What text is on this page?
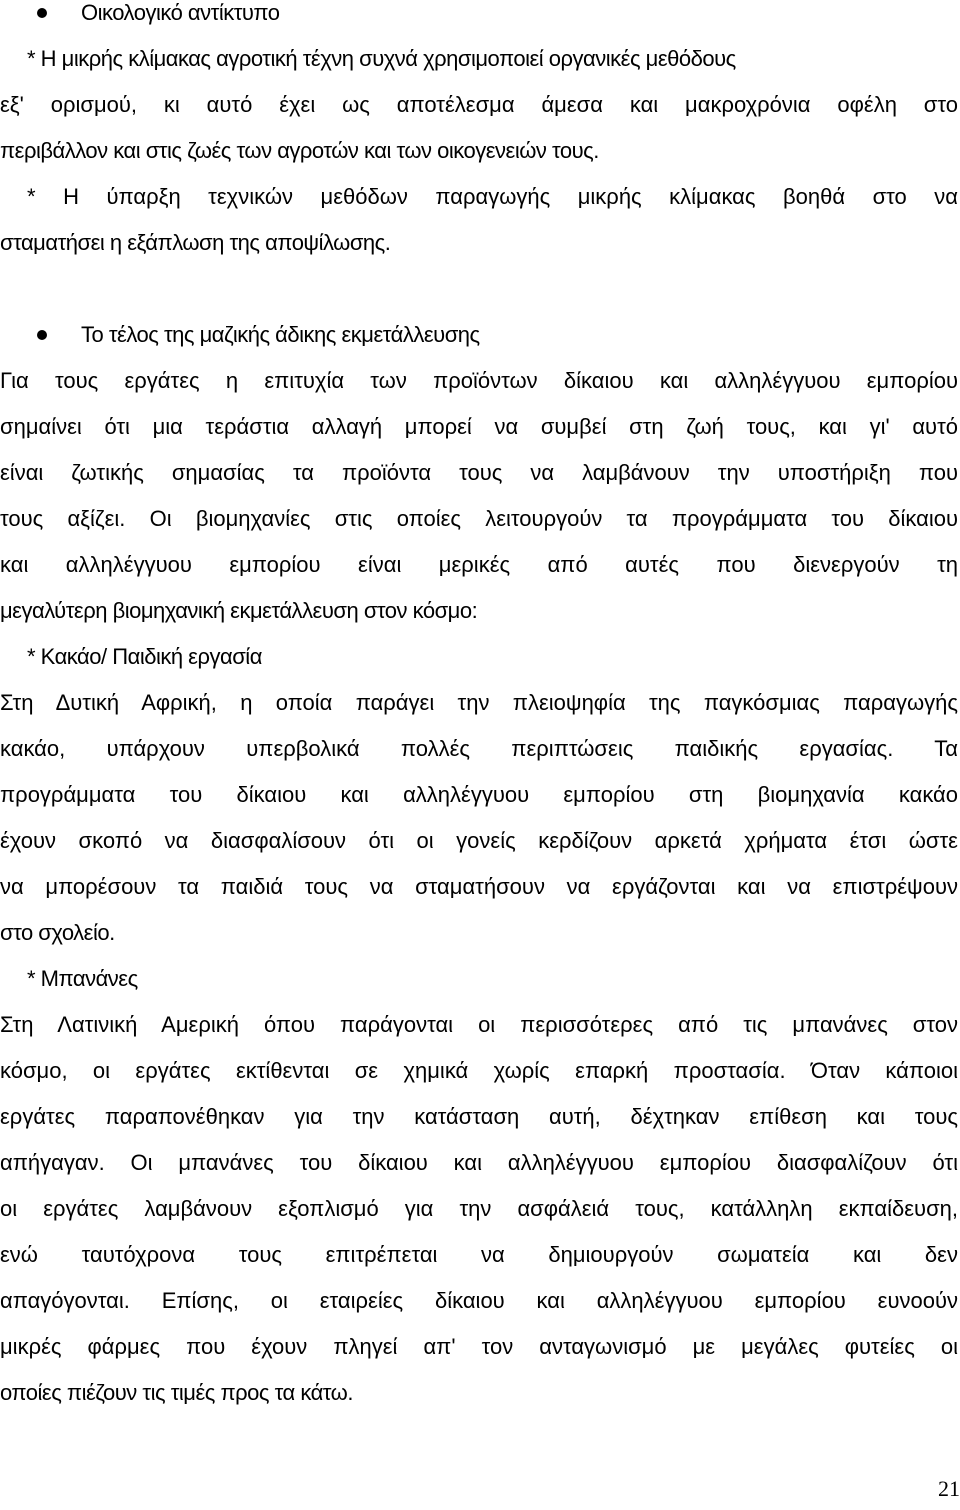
Οικολογικό αντίκτυπο
* Η μικρής κλίμακας αγροτική τέχνη συχνά χρησιμοποιεί οργανικές μεθόδους
εξ' ορισμού, κι αυτό έχει ως αποτέλεσμα άμεσα και μακροχρόνια οφέλη στο
περιβάλλον και στις ζωές των αγροτών και των οικογενειών τους.
* Η ύπαρξη τεχνικών μεθόδων παραγωγής μικρής κλίμακας βοηθά στο να
σταματήσει η εξάπλωση της αποψίλωσης.
Το τέλος της μαζικής άδικης εκμετάλλευσης
Για τους εργάτες η επιτυχία των προϊόντων δίκαιου και αλληλέγγυου εμπορίου
σημαίνει ότι μια τεράστια αλλαγή μπορεί να συμβεί στη ζωή τους, και γι' αυτό
είναι ζωτικής σημασίας τα προϊόντα τους να λαμβάνουν την υποστήριξη που
τους αξίζει. Οι βιομηχανίες στις οποίες λειτουργούν τα προγράμματα του δίκαιου
και αλληλέγγυου εμπορίου είναι μερικές από αυτές που διενεργούν τη
μεγαλύτερη βιομηχανική εκμετάλλευση στον κόσμο:
* Κακάο/ Παιδική εργασία
Στη Δυτική Αφρική, η οποία παράγει την πλειοψηφία της παγκόσμιας παραγωγής
κακάο, υπάρχουν υπερβολικά πολλές περιπτώσεις παιδικής εργασίας. Τα
προγράμματα του δίκαιου και αλληλέγγυου εμπορίου στη βιομηχανία κακάο
έχουν σκοπό να διασφαλίσουν ότι οι γονείς κερδίζουν αρκετά χρήματα έτσι ώστε
να μπορέσουν τα παιδιά τους να σταματήσουν να εργάζονται και να επιστρέψουν
στο σχολείο.
* Μπανάνες
Στη Λατινική Αμερική όπου παράγονται οι περισσότερες από τις μπανάνες στον
κόσμο, οι εργάτες εκτίθενται σε χημικά χωρίς επαρκή προστασία. Όταν κάποιοι
εργάτες παραπονέθηκαν για την κατάσταση αυτή, δέχτηκαν επίθεση και τους
απήγαγαν. Οι μπανάνες του δίκαιου και αλληλέγγυου εμπορίου διασφαλίζουν ότι
οι εργάτες λαμβάνουν εξοπλισμό για την ασφάλειά τους, κατάλληλη εκπαίδευση,
ενώ ταυτόχρονα τους επιτρέπεται να δημιουργούν σωματεία και δεν
απαγόγονται. Επίσης, οι εταιρείες δίκαιου και αλληλέγγυου εμπορίου ευνοούν
μικρές φάρμες που έχουν πληγεί απ' τον ανταγωνισμό με μεγάλες φυτείες οι
οποίες πιέζουν τις τιμές προς τα κάτω.
21
